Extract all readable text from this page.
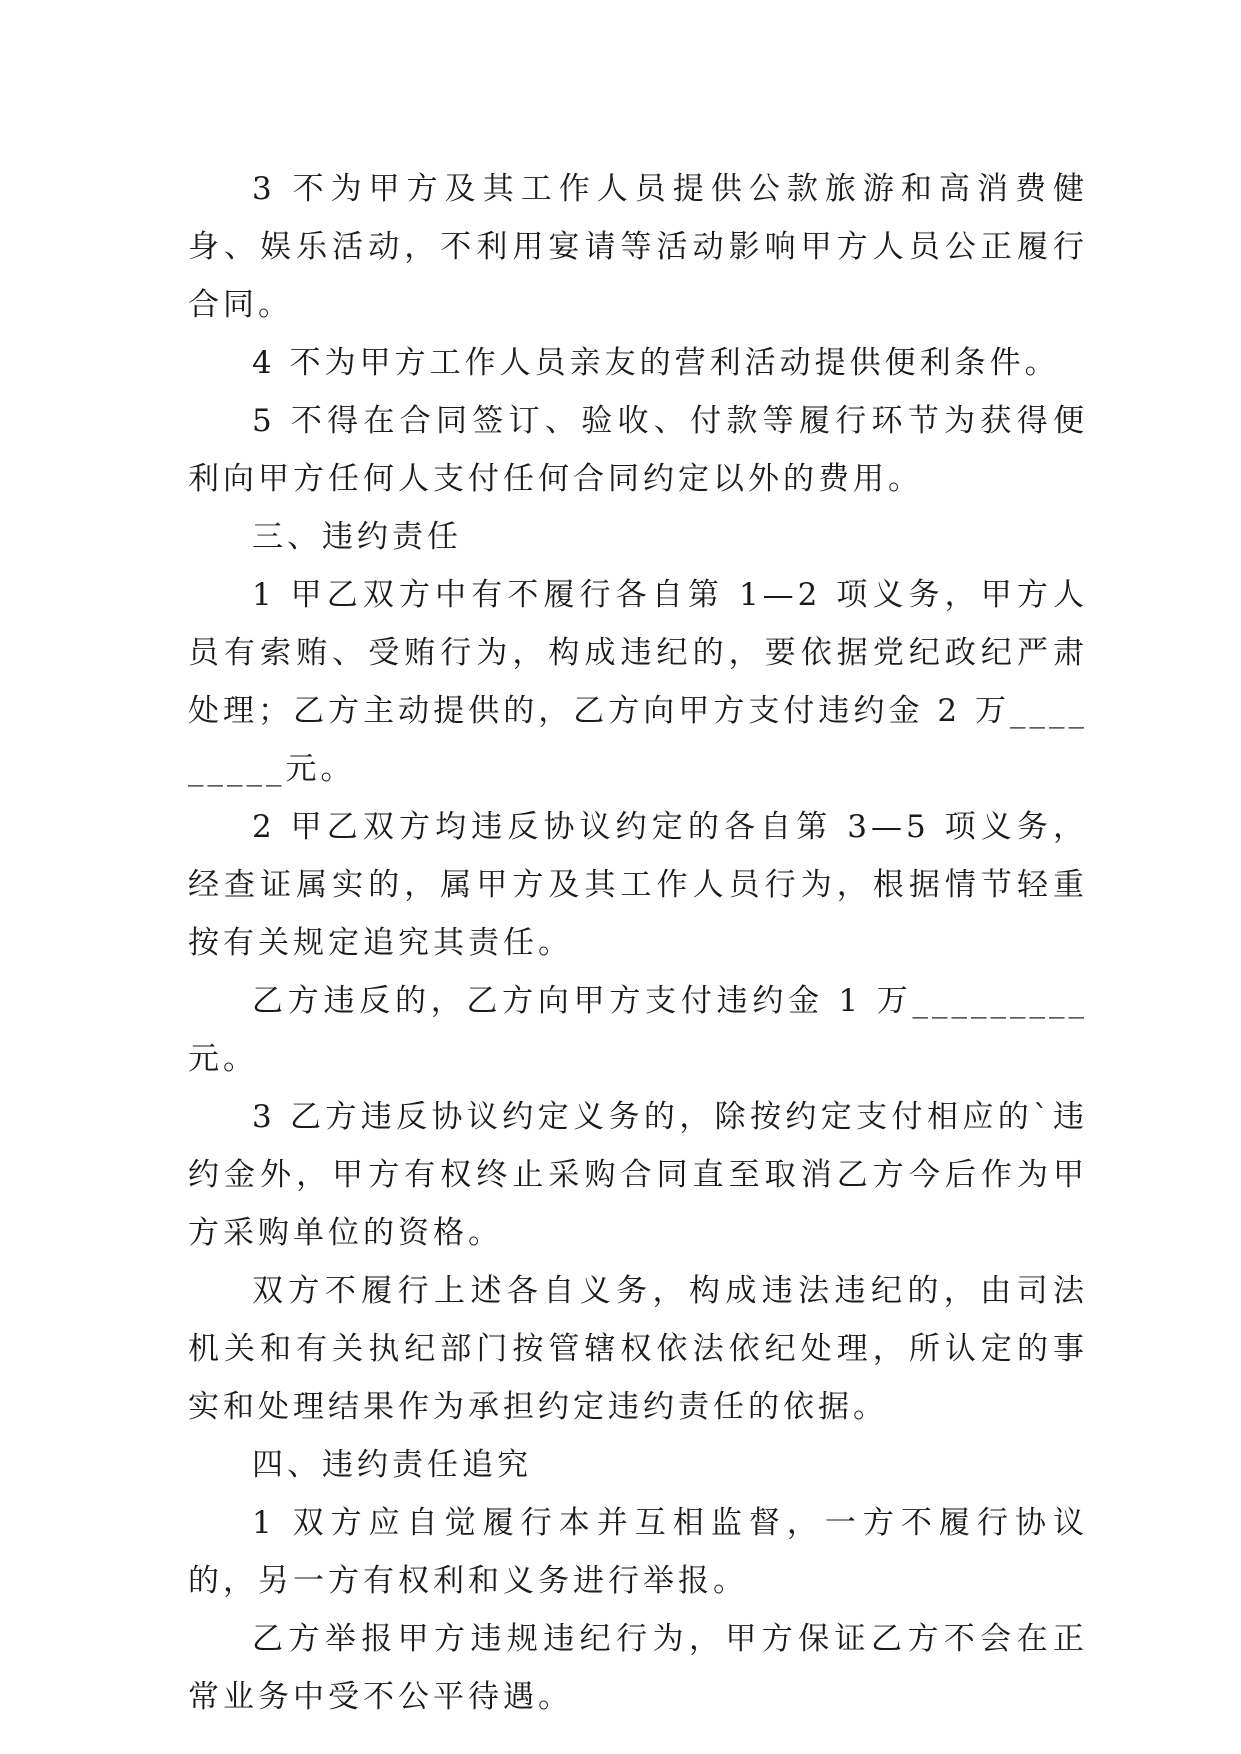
3 不为甲方及其工作人员提供公款旅游和高消费健身、娱乐活动，不利用宴请等活动影响甲方人员公正履行合同。

4 不为甲方工作人员亲友的营利活动提供便利条件。

5 不得在合同签订、验收、付款等履行环节为获得便利向甲方任何人支付任何合同约定以外的费用。

三、违约责任

1 甲乙双方中有不履行各自第 1—2 项义务，甲方人员有索贿、受贿行为，构成违纪的，要依据党纪政纪严肃处理；乙方主动提供的，乙方向甲方支付违约金 2 万_________元。

2 甲乙双方均违反协议约定的各自第 3—5 项义务，经查证属实的，属甲方及其工作人员行为，根据情节轻重按有关规定追究其责任。

乙方违反的，乙方向甲方支付违约金 1 万_________元。

3 乙方违反协议约定义务的，除按约定支付相应的`违约金外，甲方有权终止采购合同直至取消乙方今后作为甲方采购单位的资格。

双方不履行上述各自义务，构成违法违纪的，由司法机关和有关执纪部门按管辖权依法依纪处理，所认定的事实和处理结果作为承担约定违约责任的依据。

四、违约责任追究

1 双方应自觉履行本并互相监督，一方不履行协议的，另一方有权利和义务进行举报。

乙方举报甲方违规违纪行为，甲方保证乙方不会在正常业务中受不公平待遇。
